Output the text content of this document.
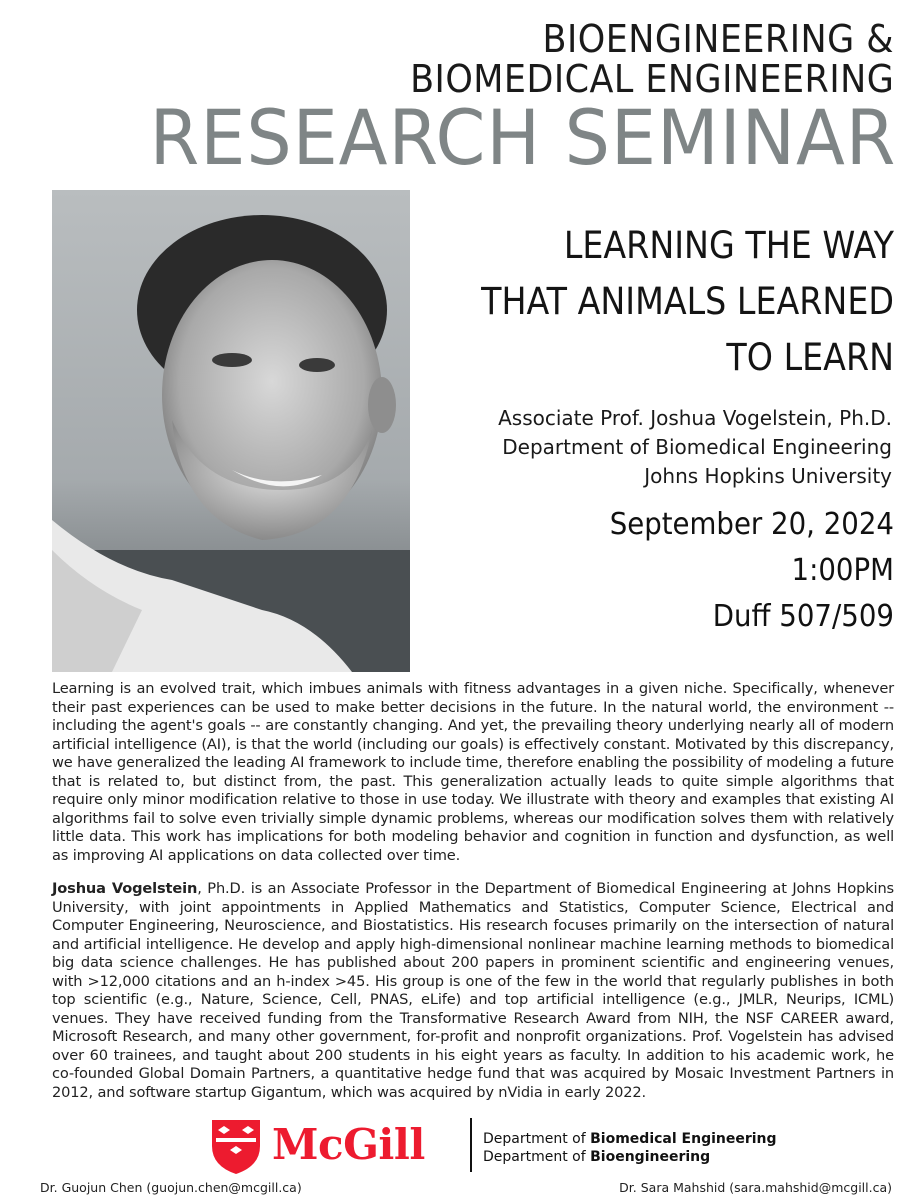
BIOENGINEERING &
BIOMEDICAL ENGINEERING
RESEARCH SEMINAR
LEARNING THE WAY
THAT ANIMALS LEARNED
TO LEARN
Associate Prof. Joshua Vogelstein, Ph.D.
Department of Biomedical Engineering
Johns Hopkins University
September 20, 2024
1:00PM
Duff 507/509
Learning is an evolved trait, which imbues animals with fitness advantages in a given niche. Specifically, whenever their past experiences can be used to make better decisions in the future. In the natural world, the environment -- including the agent's goals -- are constantly changing. And yet, the prevailing theory underlying nearly all of modern artificial intelligence (AI), is that the world (including our goals) is effectively constant. Motivated by this discrepancy, we have generalized the leading AI framework to include time, therefore enabling the possibility of modeling a future that is related to, but distinct from, the past. This generalization actually leads to quite simple algorithms that require only minor modification relative to those in use today. We illustrate with theory and examples that existing AI algorithms fail to solve even trivially simple dynamic problems, whereas our modification solves them with relatively little data. This work has implications for both modeling behavior and cognition in function and dysfunction, as well as improving AI applications on data collected over time.
Joshua Vogelstein, Ph.D. is an Associate Professor in the Department of Biomedical Engineering at Johns Hopkins University, with joint appointments in Applied Mathematics and Statistics, Computer Science, Electrical and Computer Engineering, Neuroscience, and Biostatistics. His research focuses primarily on the intersection of natural and artificial intelligence. He develop and apply high-dimensional nonlinear machine learning methods to biomedical big data science challenges. He has published about 200 papers in prominent scientific and engineering venues, with >12,000 citations and an h-index >45. His group is one of the few in the world that regularly publishes in both top scientific (e.g., Nature, Science, Cell, PNAS, eLife) and top artificial intelligence (e.g., JMLR, Neurips, ICML) venues. They have received funding from the Transformative Research Award from NIH, the NSF CAREER award, Microsoft Research, and many other government, for-profit and nonprofit organizations. Prof. Vogelstein has advised over 60 trainees, and taught about 200 students in his eight years as faculty. In addition to his academic work, he co-founded Global Domain Partners, a quantitative hedge fund that was acquired by Mosaic Investment Partners in 2012, and software startup Gigantum, which was acquired by nVidia in early 2022.
McGill	Department of Biomedical Engineering
Department of Bioengineering
Dr. Guojun Chen (guojun.chen@mcgill.ca)	Dr. Sara Mahshid (sara.mahshid@mcgill.ca)
